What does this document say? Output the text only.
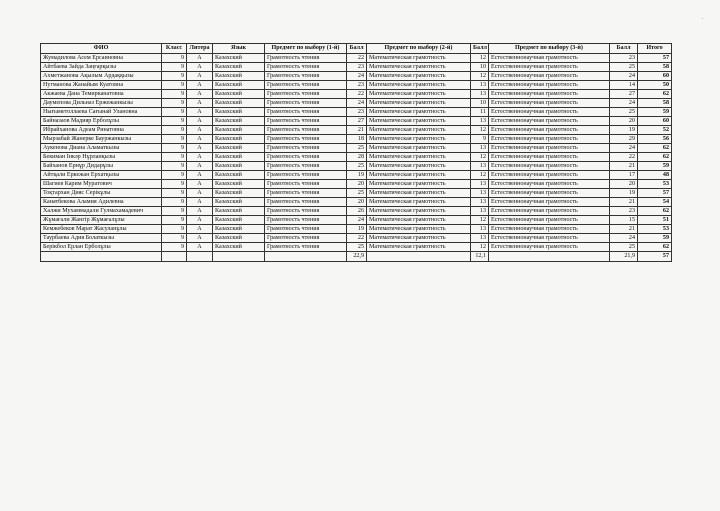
·
ФИО	Класс	Литера	Язык	Предмет по выбору (1-й)	Балл	Предмет по выбору (2-й)	Балл	Предмет по выбору (3-й)	Балл	Итого
Жумадилова Асем Ерсаиновна	9	А	Казахский	Грамотность чтения	22	Математическая грамотность	12	Естественнонаучная грамотность	23	57
Айтбаева Зайда Заңғарқызы	9	А	Казахский	Грамотность чтения	23	Математическая грамотность	10	Естественнонаучная грамотность	25	58
Ахметжанова Ақылым Ардаққызы	9	А	Казахский	Грамотность чтения	24	Математическая грамотность	12	Естественнонаучная грамотность	24	60
Нугманова Жанайым Куатовна	9	А	Казахский	Грамотность чтения	23	Математическая грамотность	13	Естественнонаучная грамотность	14	50
Акжаева Дана Темирканатовна	9	А	Казахский	Грамотность чтения	22	Математическая грамотность	13	Естественнонаучная грамотность	27	62
Даумепова Дильназ Ержежанкызы	9	А	Казахский	Грамотность чтения	24	Математическая грамотность	10	Естественнонаучная грамотность	24	58
Нығыметоллаева Сағынай Улановна	9	А	Казахский	Грамотность чтения	23	Математическая грамотность	11	Естественнонаучная грамотность	25	59
Байназаов Мадияр Ерболұлы	9	А	Казахский	Грамотность чтения	27	Математическая грамотность	13	Естественнонаучная грамотность	20	60
Ибрайханова Адеам Ринатовна	9	А	Казахский	Грамотность чтения	21	Математическая грамотность	12	Естественнонаучная грамотность	19	52
Мырзабай Жанерке Бауржанкызы	9	А	Казахский	Грамотность чтения	18	Математическая грамотность	9	Естественнонаучная грамотность	29	56
Аукенова Диана Аламаткызы	9	А	Казахский	Грамотность чтения	25	Математическая грамотность	13	Естественнонаучная грамотность	24	62
Бекиман Інкәр Нұрланқызы	9	А	Казахский	Грамотность чтения	28	Математическая грамотность	12	Естественнонаучная грамотность	22	62
Байханов Ернұр Дидарұлы	9	А	Казахский	Грамотность чтения	25	Математическая грамотность	13	Естественнонаучная грамотность	21	59
Айтқали Еркежан Ерхатқызы	9	А	Казахский	Грамотность чтения	19	Математическая грамотность	12	Естественнонаучная грамотность	17	48
Шагиев Карим Муратович	9	А	Казахский	Грамотность чтения	20	Математическая грамотность	13	Естественнонаучная грамотность	20	53
Тоқтархан Дияс Серікұлы	9	А	Казахский	Грамотность чтения	25	Математическая грамотность	13	Естественнонаучная грамотность	19	57
Канатбекова Аламия Адилевна	9	А	Казахский	Грамотность чтения	20	Математическая грамотность	13	Естественнонаучная грамотность	21	54
Халжи Мухаммадали Гулмахамадевич	9	А	Казахский	Грамотность чтения	26	Математическая грамотность	13	Естественнонаучная грамотность	23	62
Жұмағали Жангір Жұмағалұлы	9	А	Казахский	Грамотность чтения	24	Математическая грамотность	12	Естественнонаучная грамотность	15	51
Кемжебеков Марат Жасуланұлы	9	А	Казахский	Грамотность чтения	19	Математическая грамотность	13	Естественнонаучная грамотность	21	53
Таурбаева Адия Болаткызы	9	А	Казахский	Грамотность чтения	22	Математическая грамотность	13	Естественнонаучная грамотность	24	59
Берікбол Ерлан Ерболұлы	9	А	Казахский	Грамотность чтения	25	Математическая грамотность	12	Естественнонаучная грамотность	25	62
					22,9		12,1		21,9	57
